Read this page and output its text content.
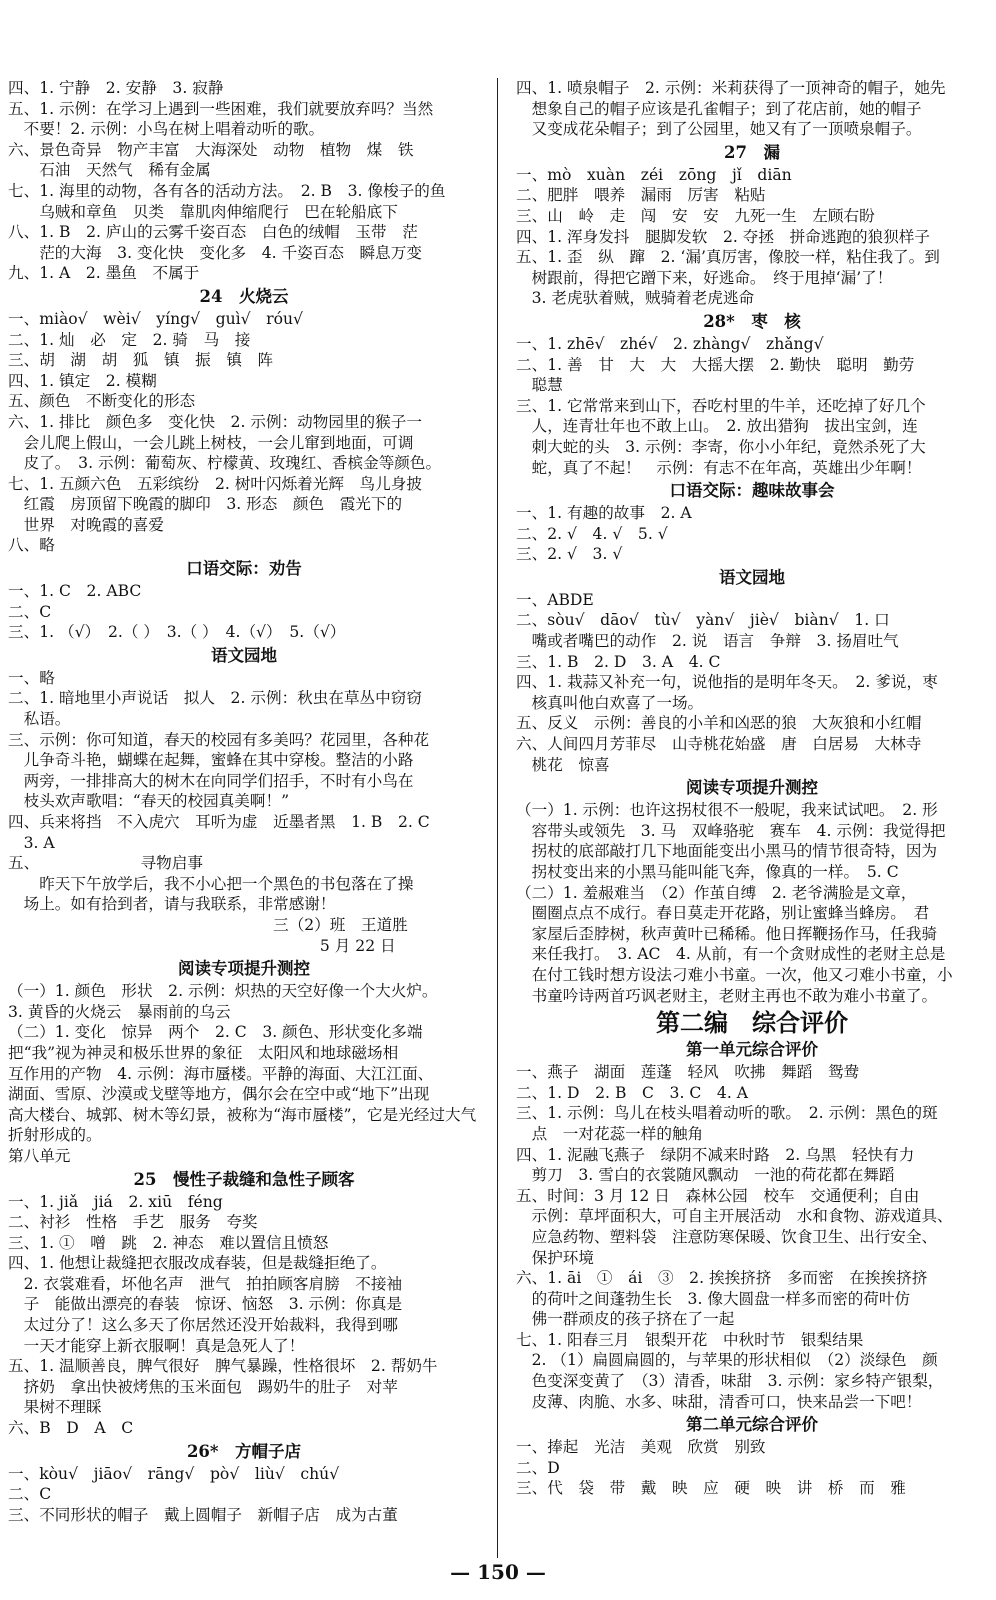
四、1. 宁静　2. 安静　3. 寂静
五、1. 示例：在学习上遇到一些困难，我们就要放弃吗？当然
　不要！2. 示例：小鸟在树上唱着动听的歌。
六、景色奇异　物产丰富　大海深处　动物　植物　煤　铁
　　石油　天然气　稀有金属
七、1. 海里的动物，各有各的活动方法。　2. B　3. 像梭子的鱼
　　乌贼和章鱼　贝类　靠肌肉伸缩爬行　巴在轮船底下
八、1. B　2. 庐山的云雾千姿百态　白色的绒帽　玉带　茫
　　茫的大海　3. 变化快　变化多　4. 千姿百态　瞬息万变
九、1. A　2. 墨鱼　不属于
24　火烧云
一、miào√　wèi√　yíng√　guì√　róu√
二、1. 灿　必　定　2. 骑　马　接
三、胡　湖　胡　狐　镇　振　镇　阵
四、1. 镇定　2. 模糊
五、颜色　不断变化的形态
六、1. 排比　颜色多　变化快　2. 示例：动物园里的猴子一
　会儿爬上假山，一会儿跳上树枝，一会儿窜到地面，可调
　皮了。　3. 示例：葡萄灰、柠檬黄、玫瑰红、香槟金等颜色。
七、1. 五颜六色　五彩缤纷　2. 树叶闪烁着光辉　鸟儿身披
　红霞　房顶留下晚霞的脚印　3. 形态　颜色　霞光下的
　世界　对晚霞的喜爱
八、略
口语交际：劝告
一、1. C　2. ABC
二、C
三、1. （√）　2.（ ）　3.（ ）　4.（√）　5.（√）
语文园地
一、略
二、1. 暗地里小声说话　拟人　2. 示例：秋虫在草丛中窃窃
　私语。
三、示例：你可知道，春天的校园有多美吗？花园里，各种花
　儿争奇斗艳，蝴蝶在起舞，蜜蜂在其中穿梭。整洁的小路
　两旁，一排排高大的树木在向同学们招手，不时有小鸟在
　枝头欢声歌唱：“春天的校园真美啊！”
四、兵来将挡　不入虎穴　耳听为虚　近墨者黑　1. B　2. C
　3. A
五、　　　　　　　寻物启事
　　昨天下午放学后，我不小心把一个黑色的书包落在了操
　场上。如有拾到者，请与我联系，非常感谢！
　　　　　　　　　　　　　　　　　三（2）班　王道胜
　　　　　　　　　　　　　　　　　　　　5 月 22 日
阅读专项提升测控
（一）1. 颜色　形状　2. 示例：炽热的天空好像一个大火炉。
3. 黄昏的火烧云　暴雨前的乌云
（二）1. 变化　惊异　两个　2. C　3. 颜色、形状变化多端
把“我”视为神灵和极乐世界的象征　太阳风和地球磁场相
互作用的产物　4. 示例：海市蜃楼。平静的海面、大江江面、
湖面、雪原、沙漠或戈壁等地方，偶尔会在空中或“地下”出现
高大楼台、城郭、树木等幻景，被称为“海市蜃楼”，它是光经过大气
折射形成的。
第八单元
25　慢性子裁缝和急性子顾客
一、1. jiǎ　jiá　2. xiū　féng
二、衬衫　性格　手艺　服务　夸奖
三、1. ①　噌　跳　2. 神态　难以置信且愤怒
四、1. 他想让裁缝把衣服改成春装，但是裁缝拒绝了。
　2. 衣裳难看，坏他名声　泄气　拍拍顾客肩膀　不接袖
　子　能做出漂亮的春装　惊讶、恼怒　3. 示例：你真是
　太过分了！这么多天了你居然还没开始裁料，我得到哪
　一天才能穿上新衣服啊！真是急死人了！
五、1. 温顺善良，脾气很好　脾气暴躁，性格很坏　2. 帮奶牛
　挤奶　拿出快被烤焦的玉米面包　踢奶牛的肚子　对苹
　果树不理睬
六、B　D　A　C
26*　方帽子店
一、kòu√　jiāo√　rāng√　pò√　liù√　chú√
二、C
三、不同形状的帽子　戴上圆帽子　新帽子店　成为古董
四、1. 喷泉帽子　2. 示例：米莉获得了一顶神奇的帽子，她先
　想象自己的帽子应该是孔雀帽子；到了花店前，她的帽子
　又变成花朵帽子；到了公园里，她又有了一顶喷泉帽子。
27　漏
一、mò　xuàn　zéi　zōng　jǐ　diān
二、肥胖　喂养　漏雨　厉害　粘贴
三、山　岭　走　闯　安　安　九死一生　左顾右盼
四、1. 浑身发抖　腿脚发软　2. 夺拯　拼命逃跑的狼狈样子
五、1. 歪　纵　蹿　2. ‘漏’真厉害，像胶一样，粘住我了。到
　树跟前，得把它蹭下来，好逃命。　终于甩掉‘漏’了！
　3. 老虎驮着贼，贼骑着老虎逃命
28*　枣　核
一、1. zhē√　zhé√　2. zhàng√　zhǎng√
二、1. 善　甘　大　大　大摇大摆　2. 勤快　聪明　勤劳
　聪慧
三、1. 它常常来到山下，吞吃村里的牛羊，还吃掉了好几个
　人，连青壮年也不敢上山。　2. 放出猎狗　拔出宝剑，连
　刺大蛇的头　3. 示例：李寄，你小小年纪，竟然杀死了大
　蛇，真了不起！　示例：有志不在年高，英雄出少年啊！
口语交际：趣味故事会
一、1. 有趣的故事　2. A
二、2. √　4. √　5. √
三、2. √　3. √
语文园地
一、ABDE
二、sòu√　dāo√　tù√　yàn√　jiè√　biàn√　1. 口
　嘴或者嘴巴的动作　2. 说　语言　争辩　3. 扬眉吐气
三、1. B　2. D　3. A　4. C
四、1. 栽蒜又补充一句，说他指的是明年冬天。　2. 爹说，枣
　核真叫他白欢喜了一场。
五、反义　示例：善良的小羊和凶恶的狼　大灰狼和小红帽
六、人间四月芳菲尽　山寺桃花始盛　唐　白居易　大林寺
　桃花　惊喜
阅读专项提升测控
（一）1. 示例：也许这拐杖很不一般呢，我来试试吧。　2. 形
　容带头或领先　3. 马　双峰骆驼　赛车　4. 示例：我觉得把
　拐杖的底部敲打几下地面能变出小黑马的情节很奇特，因为
　拐杖变出来的小黑马能叫能飞奔，像真的一样。　5. C
（二）1. 羞赧难当　（2）作茧自缚　2. 老爷满脸是文章，
　圈圈点点不成行。春日莫走开花路，别让蜜蜂当蜂房。　君
　家屋后歪脖树，秋声黄叶已稀稀。他日挥鞭扬作马，任我骑
　来任我打。　3. AC　4. 从前，有一个贪财成性的老财主总是
　在付工钱时想方设法刁难小书童。一次，他又刁难小书童，小
　书童吟诗两首巧讽老财主，老财主再也不敢为难小书童了。
第二编　综合评价
第一单元综合评价
一、燕子　湖面　莲蓬　轻风　吹拂　舞蹈　鸳鸯
二、1. D　2. B　C　3. C　4. A
三、1. 示例：鸟儿在枝头唱着动听的歌。　2. 示例：黑色的斑
　点　一对花蕊一样的触角
四、1. 泥融飞燕子　绿阴不减来时路　2. 乌黑　轻快有力
　剪刀　3. 雪白的衣裳随风飘动　一池的荷花都在舞蹈
五、时间：3 月 12 日　森林公园　校车　交通便利；自由
　示例：草坪面积大，可自主开展活动　水和食物、游戏道具、
　应急药物、塑料袋　注意防寒保暖、饮食卫生、出行安全、
　保护环境
六、1. āi　①　ái　③　2. 挨挨挤挤　多而密　在挨挨挤挤
　的荷叶之间蓬勃生长　3. 像大圆盘一样多而密的荷叶仿
　佛一群顽皮的孩子挤在了一起
七、1. 阳春三月　银梨开花　中秋时节　银梨结果
　2. （1）扁圆扁圆的，与苹果的形状相似　（2）淡绿色　颜
　色变深变黄了　（3）清香，味甜　3. 示例：家乡特产银梨，
　皮薄、肉脆、水多、味甜，清香可口，快来品尝一下吧！
第二单元综合评价
一、捧起　光洁　美观　欣赏　别致
二、D
三、代　袋　带　戴　映　应　硬　映　讲　桥　而　雅
— 150 —
